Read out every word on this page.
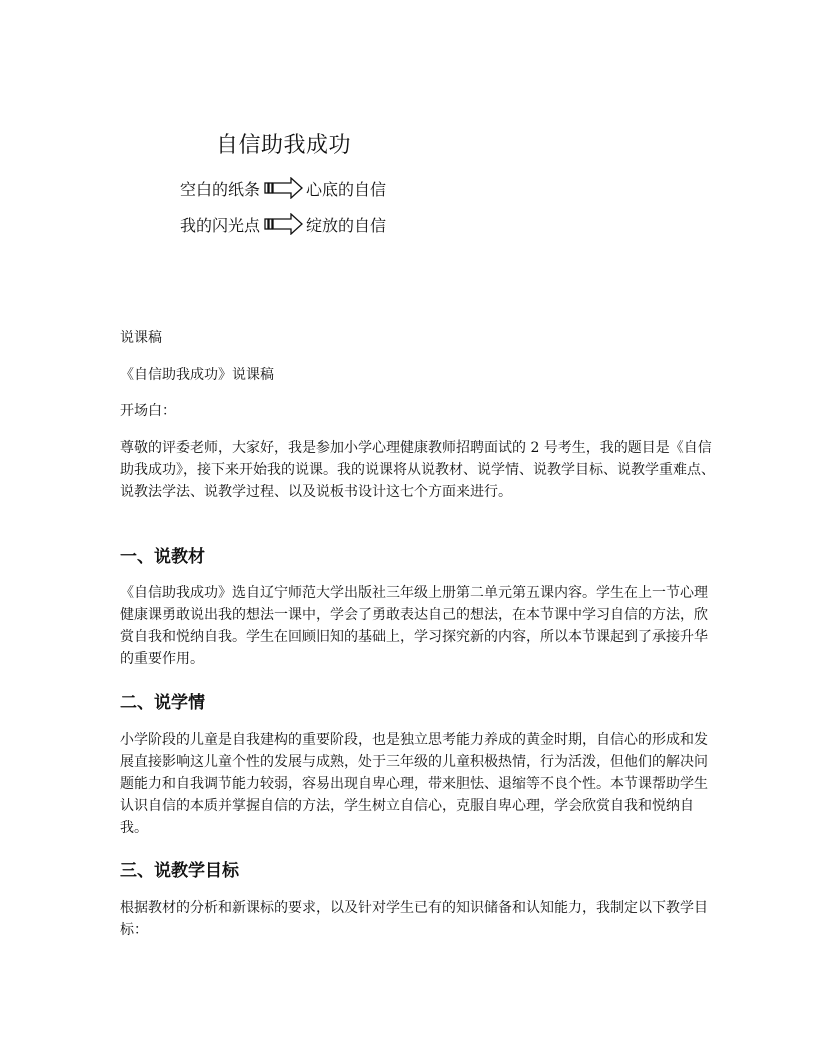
自信助我成功
空白的纸条	心底的自信
我的闪光点	绽放的自信
说课稿
《自信助我成功》说课稿
开场白：
尊敬的评委老师，大家好，我是参加小学心理健康教师招聘面试的 2 号考生，我的题目是《自信助我成功》，接下来开始我的说课。我的说课将从说教材、说学情、说教学目标、说教学重难点、说教法学法、说教学过程、以及说板书设计这七个方面来进行。
一、说教材
《自信助我成功》选自辽宁师范大学出版社三年级上册第二单元第五课内容。学生在上一节心理健康课勇敢说出我的想法一课中，学会了勇敢表达自己的想法，在本节课中学习自信的方法，欣赏自我和悦纳自我。学生在回顾旧知的基础上，学习探究新的内容，所以本节课起到了承接升华的重要作用。
二、说学情
小学阶段的儿童是自我建构的重要阶段，也是独立思考能力养成的黄金时期，自信心的形成和发展直接影响这儿童个性的发展与成熟，处于三年级的儿童积极热情，行为活泼，但他们的解决问题能力和自我调节能力较弱，容易出现自卑心理，带来胆怯、退缩等不良个性。本节课帮助学生认识自信的本质并掌握自信的方法，学生树立自信心，克服自卑心理，学会欣赏自我和悦纳自我。
三、说教学目标
根据教材的分析和新课标的要求，以及针对学生已有的知识储备和认知能力，我制定以下教学目标：
